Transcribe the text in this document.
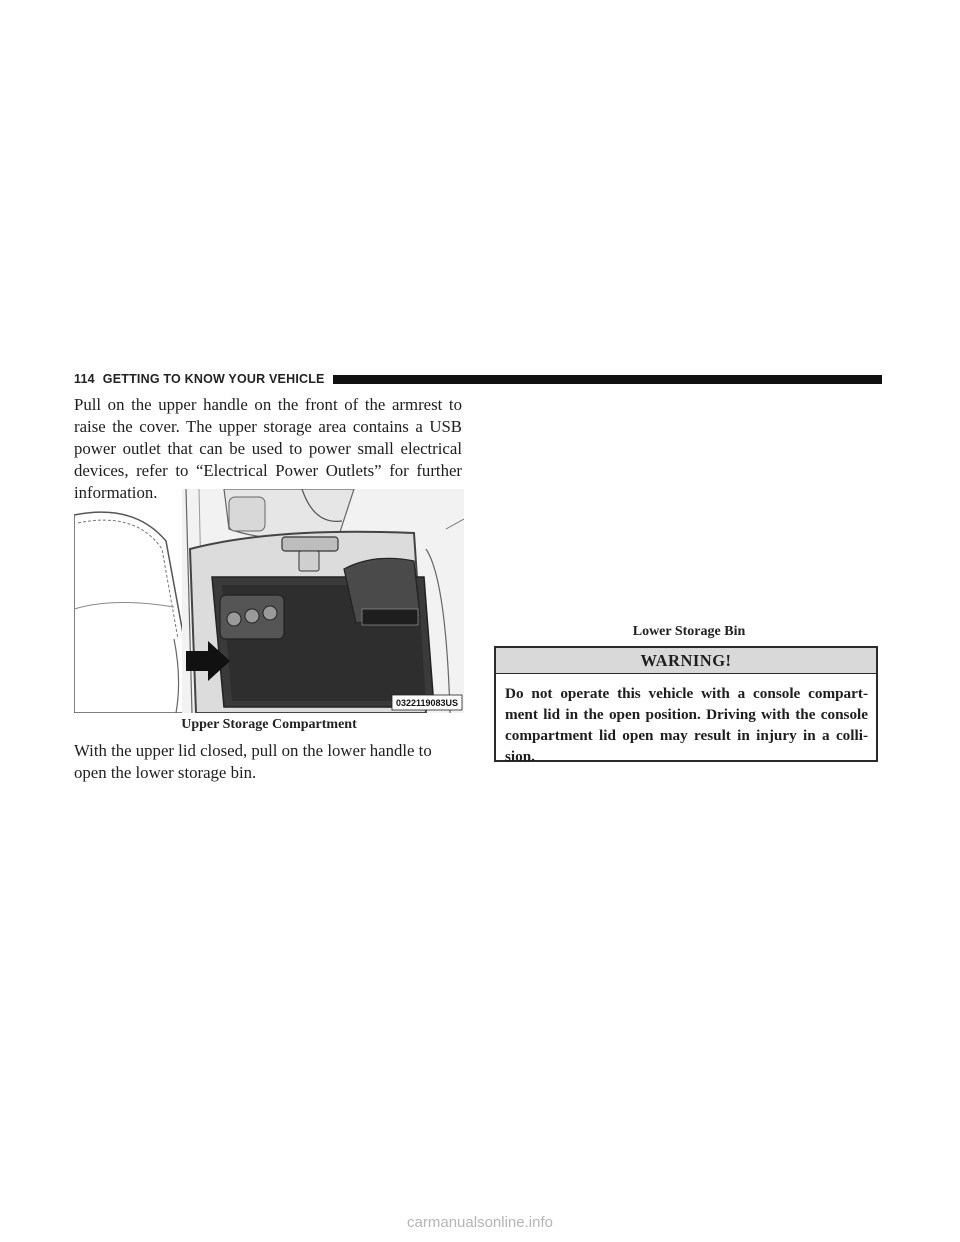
114 GETTING TO KNOW YOUR VEHICLE

Pull on the upper handle on the front of the armrest to raise the cover. The upper storage area contains a USB power outlet that can be used to power small electrical devices, refer to “Electrical Power Outlets” for further information.

0322119083US
Upper Storage Compartment

With the upper lid closed, pull on the lower handle to open the lower storage bin.

Lower Storage Bin
WARNING!
Do not operate this vehicle with a console compart-ment lid in the open position. Driving with the console compartment lid open may result in injury in a colli-sion.
carmanualsonline.info
